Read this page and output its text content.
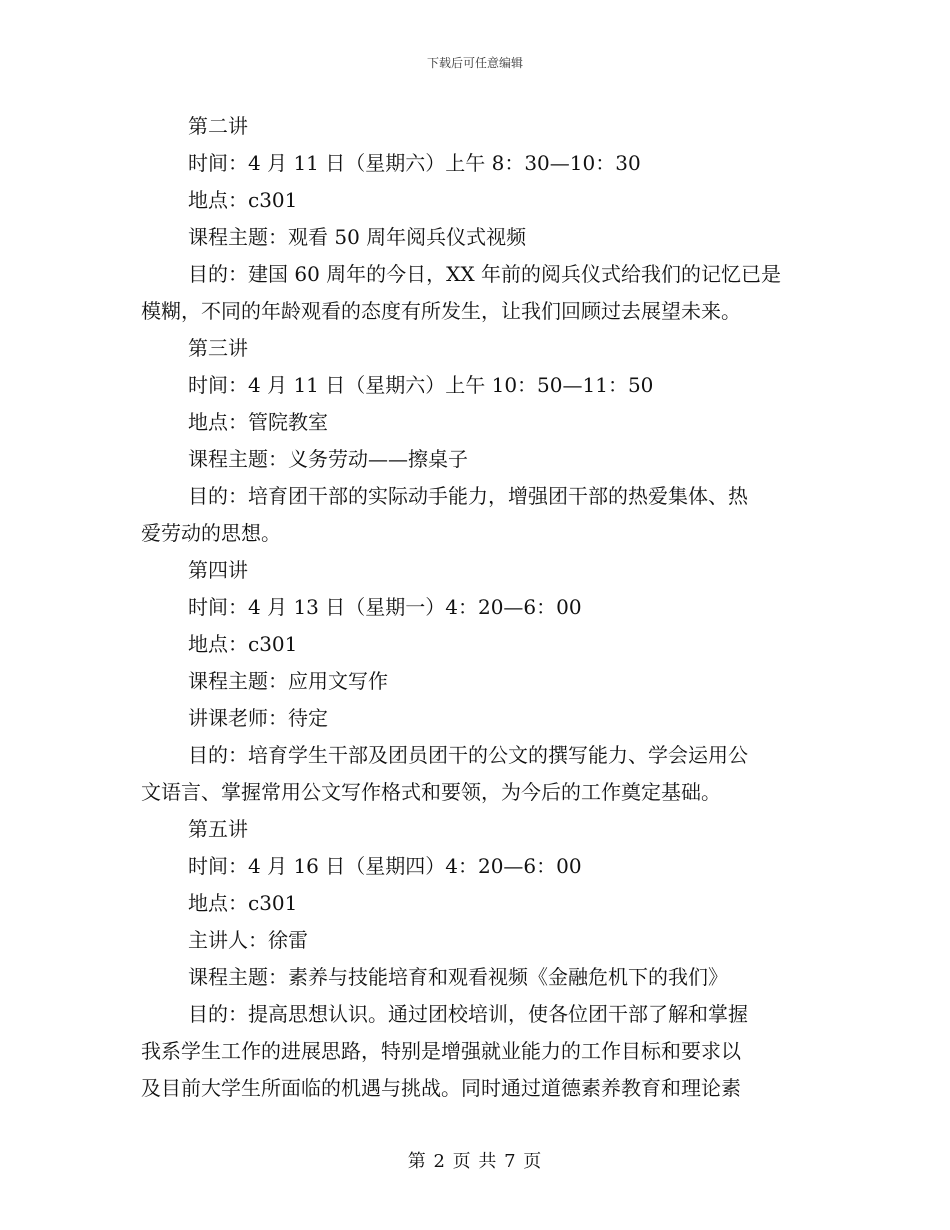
下载后可任意编辑
第二讲
时间：4 月 11 日（星期六）上午 8：30—10：30
地点：c301
课程主题：观看 50 周年阅兵仪式视频
目的：建国 60 周年的今日，XX 年前的阅兵仪式给我们的记忆已是
模糊，不同的年龄观看的态度有所发生，让我们回顾过去展望未来。
第三讲
时间：4 月 11 日（星期六）上午 10：50—11：50
地点：管院教室
课程主题：义务劳动——擦桌子
目的：培育团干部的实际动手能力，增强团干部的热爱集体、热
爱劳动的思想。
第四讲
时间：4 月 13 日（星期一）4：20—6：00
地点：c301
课程主题：应用文写作
讲课老师：待定
目的：培育学生干部及团员团干的公文的撰写能力、学会运用公
文语言、掌握常用公文写作格式和要领，为今后的工作奠定基础。
第五讲
时间：4 月 16 日（星期四）4：20—6：00
地点：c301
主讲人：徐雷
课程主题：素养与技能培育和观看视频《金融危机下的我们》
目的：提高思想认识。通过团校培训，使各位团干部了解和掌握
我系学生工作的进展思路，特别是增强就业能力的工作目标和要求以
及目前大学生所面临的机遇与挑战。同时通过道德素养教育和理论素
第 2 页 共 7 页
